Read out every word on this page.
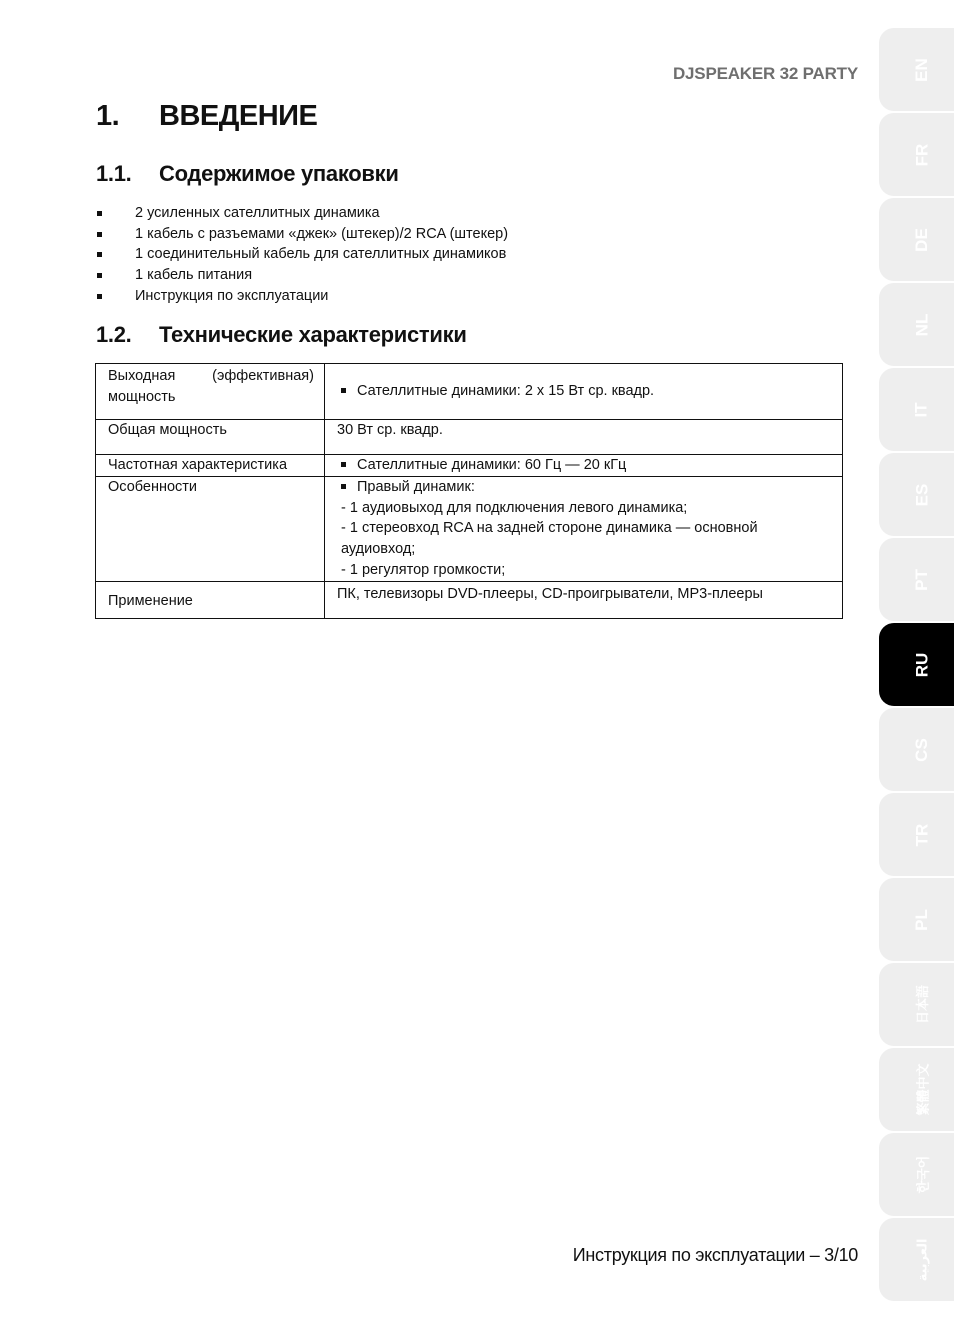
DJSPEAKER 32 PARTY
1. ВВЕДЕНИЕ
1.1. Содержимое упаковки
2 усиленных сателлитных динамика
1 кабель с разъемами «джек» (штекер)/2 RCA (штекер)
1 соединительный кабель для сателлитных динамиков
1 кабель питания
Инструкция по эксплуатации
1.2. Технические характеристики
Выходная (эффективная)
мощность	Сателлитные динамики: 2 x 15 Вт ср. квадр.

Общая мощность	30 Вт ср. квадр.
Частотная характеристика	Сателлитные динамики: 60 Гц — 20 кГц

Особенности	Правый динамик:
- 1 аудиовыход для подключения левого динамика;
- 1 стереовход RCA на задней стороне динамика — основной аудиовход;
- 1 регулятор громкости;

Применение	ПК, телевизоры DVD-плееры, CD-проигрыватели, MP3-плееры
Инструкция по эксплуатации – 3/10
EN
FR
DE
NL
IT
ES
PT
RU
CS
TR
PL
日本語
繁體中文
한국어
العربية
